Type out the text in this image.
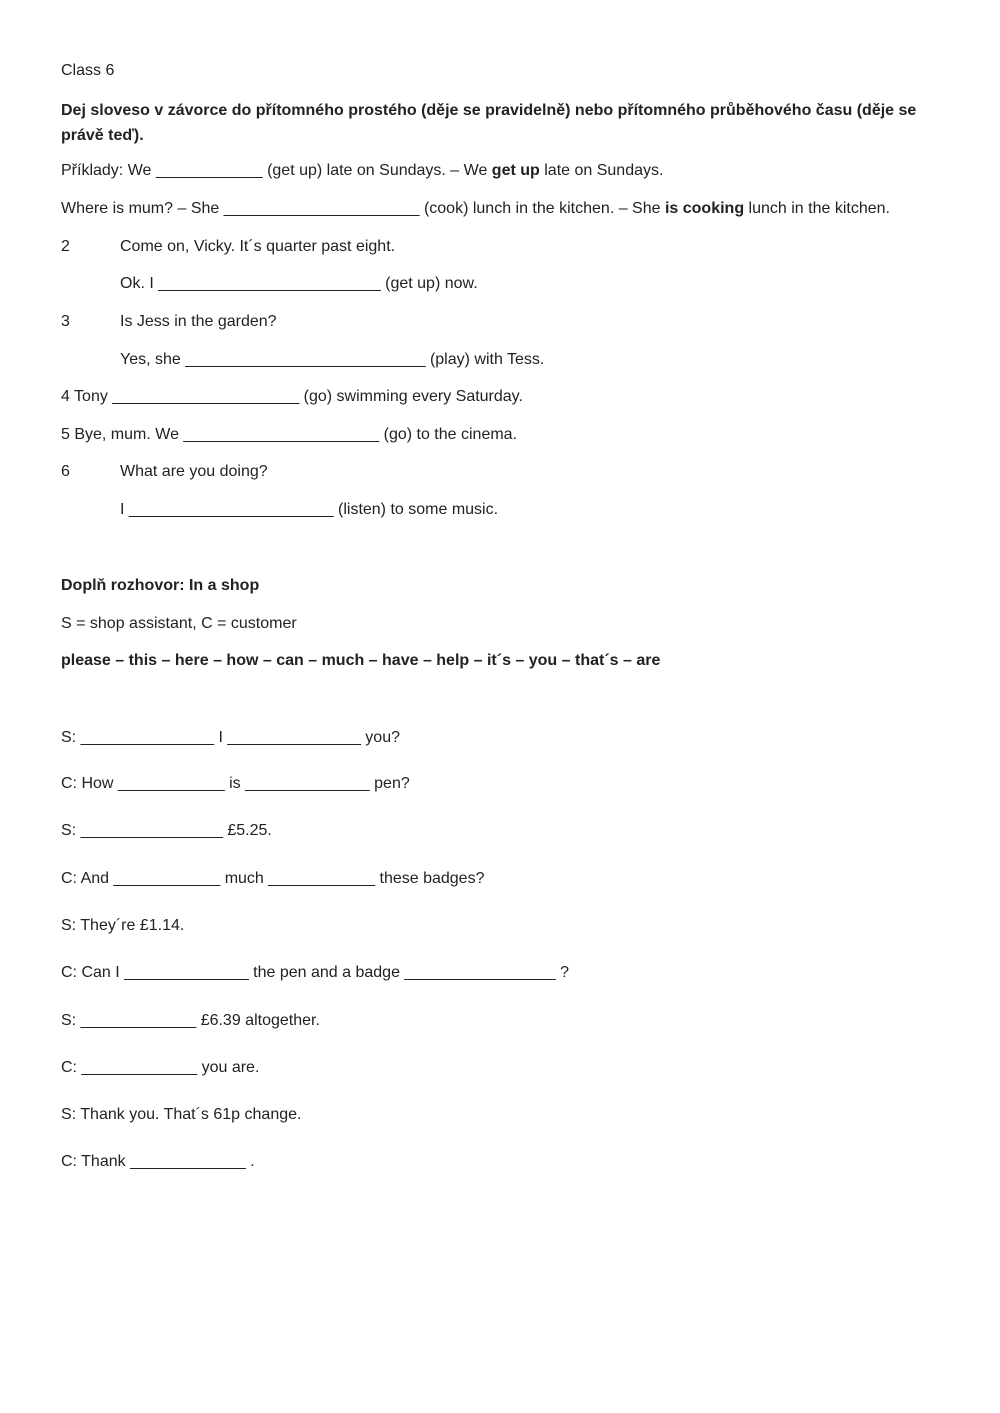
Class 6
Dej sloveso v závorce do přítomného prostého (děje se pravidelně) nebo přítomného průběhového času (děje se právě teď).
Příklady: We ____________ (get up) late on Sundays. – We get up late on Sundays.
Where is mum? – She ______________________ (cook) lunch in the kitchen. – She is cooking lunch in the kitchen.
2	Come on, Vicky. It´s quarter past eight.
Ok. I _________________________ (get up) now.
3	Is Jess in the garden?
Yes, she ___________________________ (play) with Tess.
4 Tony _____________________ (go) swimming every Saturday.
5 Bye, mum. We ______________________ (go) to the cinema.
6	What are you doing?
I _______________________ (listen) to some music.
Doplň rozhovor: In a shop
S = shop assistant, C = customer
please – this – here – how – can – much – have – help – it´s – you – that´s – are
S: _______________ I _______________ you?
C: How ____________ is ______________ pen?
S: ________________ £5.25.
C: And ____________ much ____________ these badges?
S: They´re £1.14.
C: Can I ______________ the pen and a badge _________________ ?
S: _____________ £6.39 altogether.
C: _____________ you are.
S: Thank you. That´s 61p change.
C: Thank _____________ .
